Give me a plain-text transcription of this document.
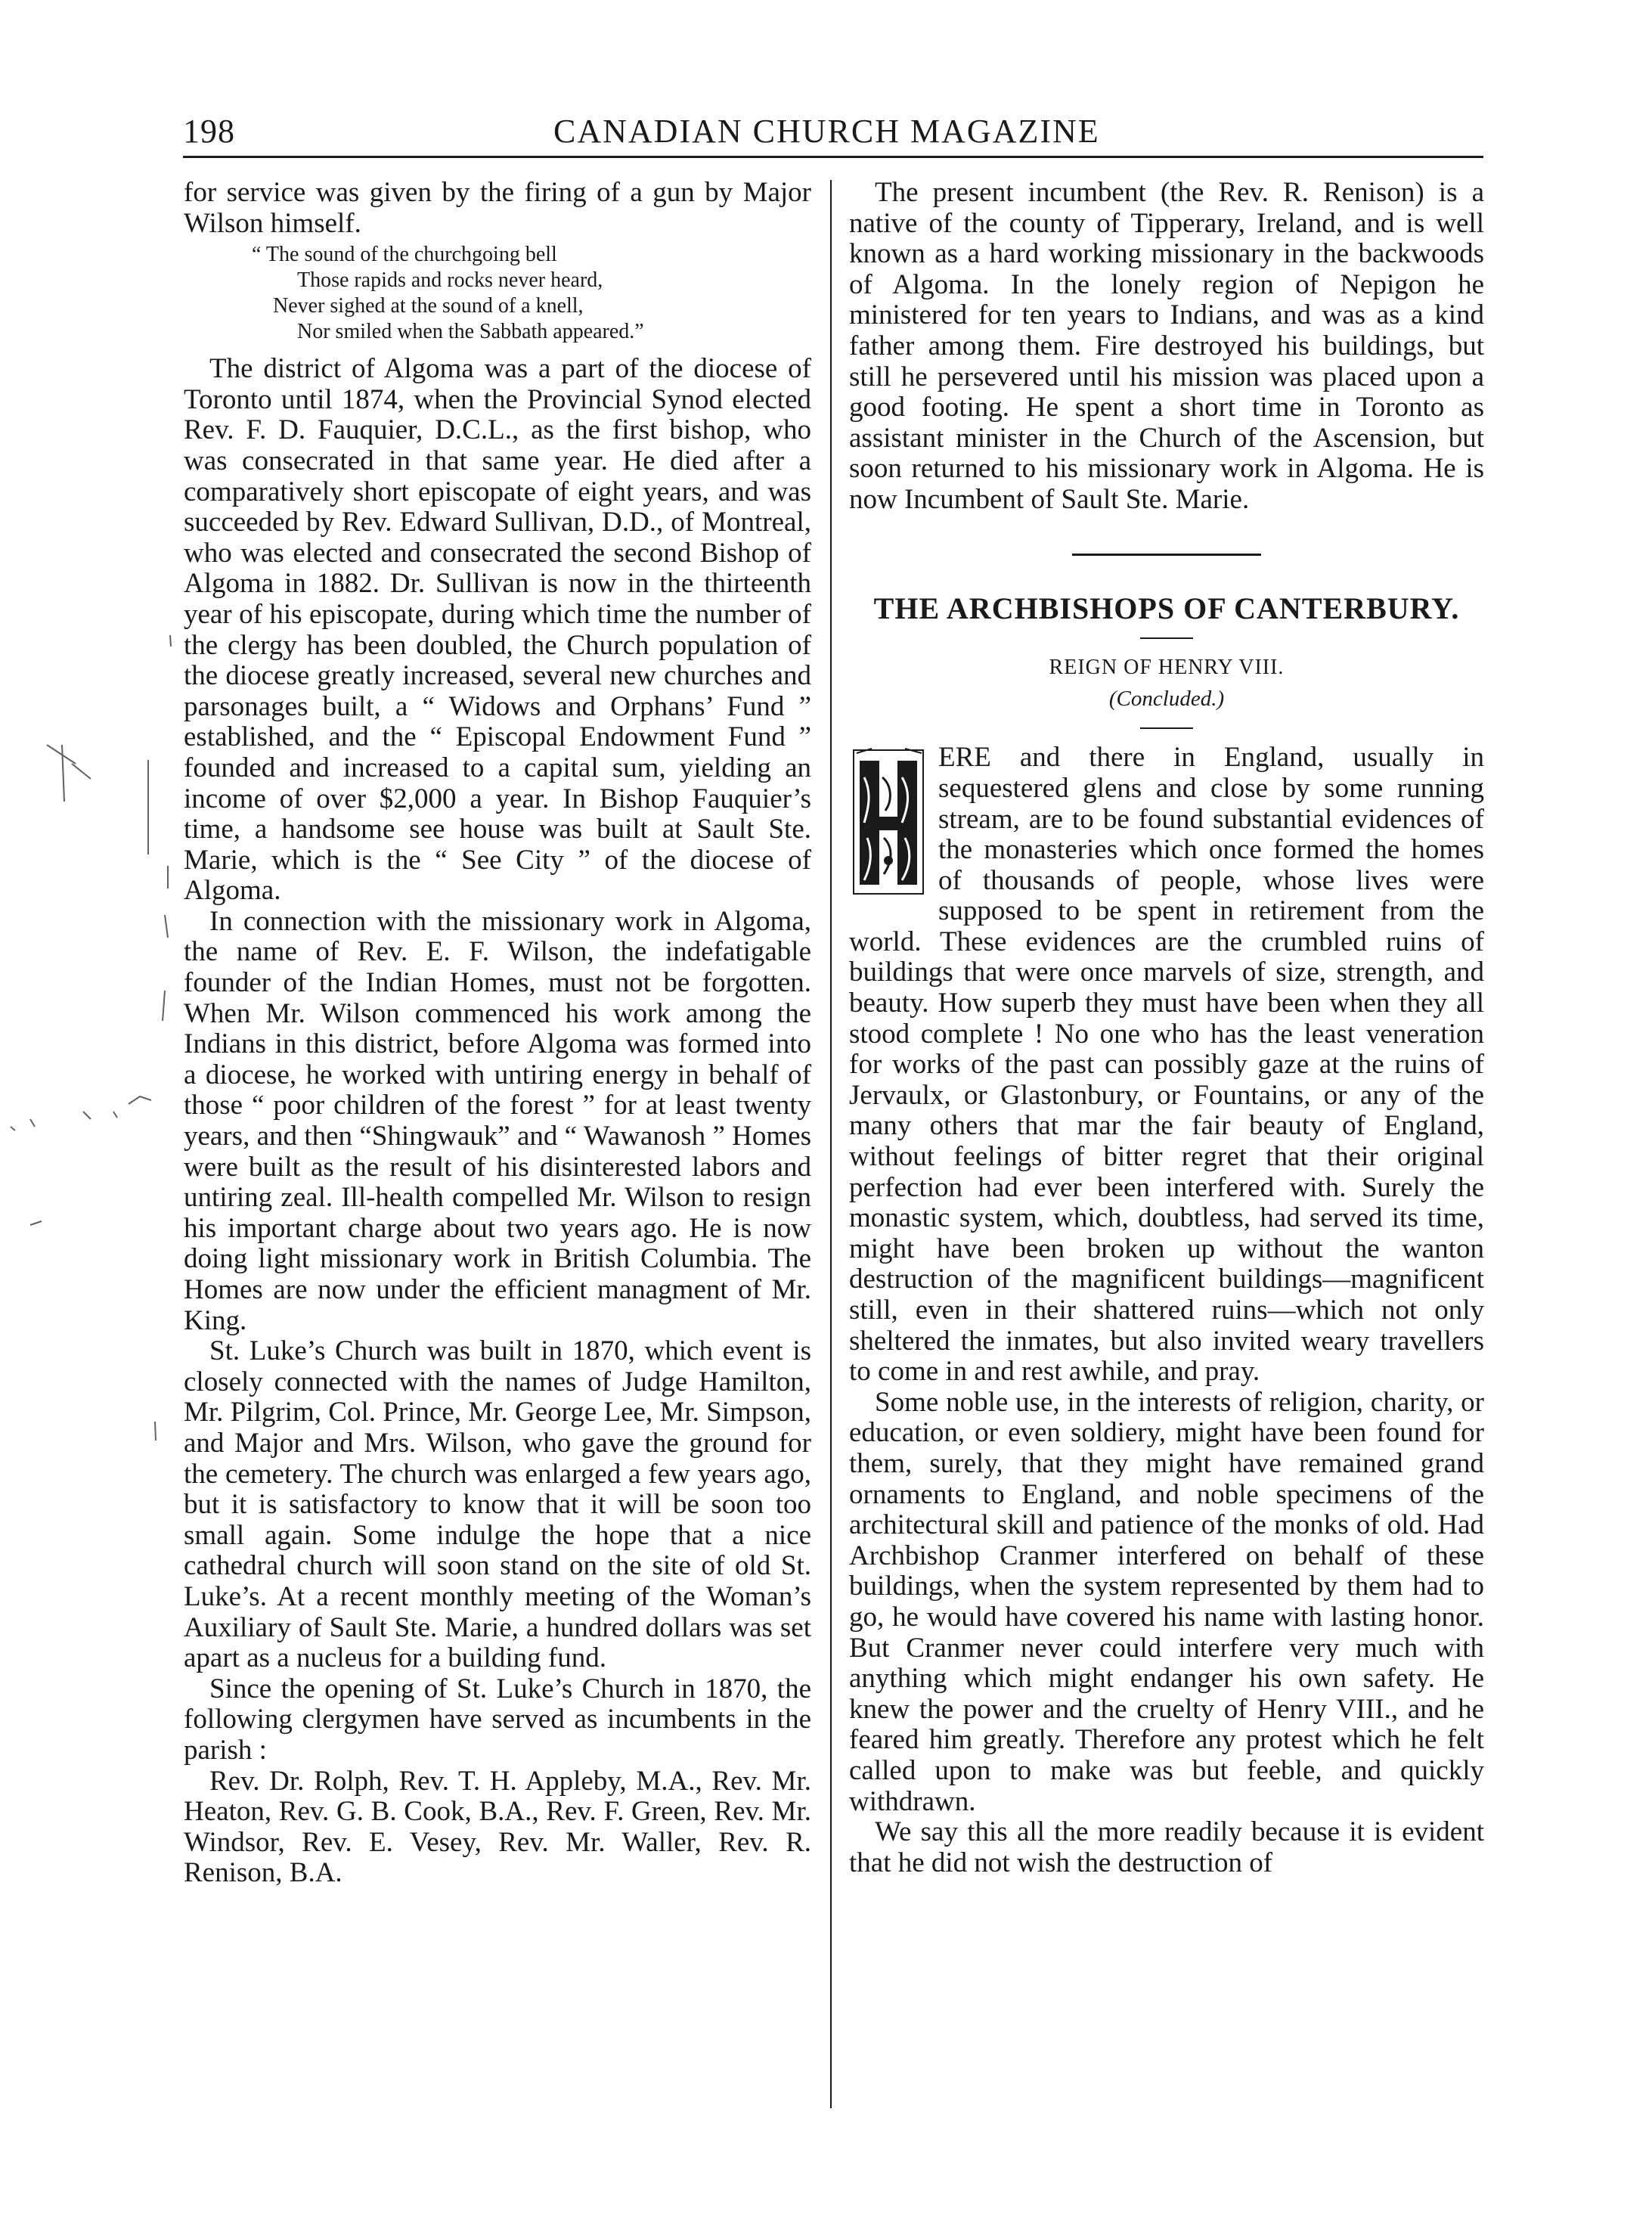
198	CANADIAN CHURCH MAGAZINE

for service was given by the firing of a gun by Major Wilson himself.

“ The sound of the churchgoing bell
Those rapids and rocks never heard,
Never sighed at the sound of a knell,
Nor smiled when the Sabbath appeared.”

The district of Algoma was a part of the diocese of Toronto until 1874, when the Provincial Synod elected Rev. F. D. Fauquier, D.C.L., as the first bishop, who was consecrated in that same year. He died after a comparatively short episcopate of eight years, and was succeeded by Rev. Edward Sullivan, D.D., of Montreal, who was elected and consecrated the second Bishop of Algoma in 1882. Dr. Sullivan is now in the thirteenth year of his episcopate, during which time the number of the clergy has been doubled, the Church population of the diocese greatly increased, several new churches and parsonages built, a “ Widows and Orphans’ Fund ” established, and the “ Episcopal Endowment Fund ” founded and increased to a capital sum, yielding an income of over $2,000 a year. In Bishop Fauquier’s time, a handsome see house was built at Sault Ste. Marie, which is the “ See City ” of the diocese of Algoma.

In connection with the missionary work in Algoma, the name of Rev. E. F. Wilson, the indefatigable founder of the Indian Homes, must not be forgotten. When Mr. Wilson commenced his work among the Indians in this district, before Algoma was formed into a diocese, he worked with untiring energy in behalf of those “ poor children of the forest ” for at least twenty years, and then “Shingwauk” and “ Wawanosh ” Homes were built as the result of his disinterested labors and untiring zeal. Ill-health compelled Mr. Wilson to resign his important charge about two years ago. He is now doing light missionary work in British Columbia. The Homes are now under the efficient managment of Mr. King.

St. Luke’s Church was built in 1870, which event is closely connected with the names of Judge Hamilton, Mr. Pilgrim, Col. Prince, Mr. George Lee, Mr. Simpson, and Major and Mrs. Wilson, who gave the ground for the cemetery. The church was enlarged a few years ago, but it is satisfactory to know that it will be soon too small again. Some indulge the hope that a nice cathedral church will soon stand on the site of old St. Luke’s. At a recent monthly meeting of the Woman’s Auxiliary of Sault Ste. Marie, a hundred dollars was set apart as a nucleus for a building fund.

Since the opening of St. Luke’s Church in 1870, the following clergymen have served as incumbents in the parish :

Rev. Dr. Rolph, Rev. T. H. Appleby, M.A., Rev. Mr. Heaton, Rev. G. B. Cook, B.A., Rev. F. Green, Rev. Mr. Windsor, Rev. E. Vesey, Rev. Mr. Waller, Rev. R. Renison, B.A.

The present incumbent (the Rev. R. Renison) is a native of the county of Tipperary, Ireland, and is well known as a hard working missionary in the backwoods of Algoma. In the lonely region of Nepigon he ministered for ten years to Indians, and was as a kind father among them. Fire destroyed his buildings, but still he persevered until his mission was placed upon a good footing. He spent a short time in Toronto as assistant minister in the Church of the Ascension, but soon returned to his missionary work in Algoma. He is now Incumbent of Sault Ste. Marie.

THE ARCHBISHOPS OF CANTERBURY.

REIGN OF HENRY VIII.

(Concluded.)

ERE and there in England, usually in sequestered glens and close by some running stream, are to be found substantial evidences of the monasteries which once formed the homes of thousands of people, whose lives were supposed to be spent in retirement from the world. These evidences are the crumbled ruins of buildings that were once marvels of size, strength, and beauty. How superb they must have been when they all stood complete ! No one who has the least veneration for works of the past can possibly gaze at the ruins of Jervaulx, or Glastonbury, or Fountains, or any of the many others that mar the fair beauty of England, without feelings of bitter regret that their original perfection had ever been interfered with. Surely the monastic system, which, doubtless, had served its time, might have been broken up without the wanton destruction of the magnificent buildings—magnificent still, even in their shattered ruins—which not only sheltered the inmates, but also invited weary travellers to come in and rest awhile, and pray.

Some noble use, in the interests of religion, charity, or education, or even soldiery, might have been found for them, surely, that they might have remained grand ornaments to England, and noble specimens of the architectural skill and patience of the monks of old. Had Archbishop Cranmer interfered on behalf of these buildings, when the system represented by them had to go, he would have covered his name with lasting honor. But Cranmer never could interfere very much with anything which might endanger his own safety. He knew the power and the cruelty of Henry VIII., and he feared him greatly. Therefore any protest which he felt called upon to make was but feeble, and quickly withdrawn.

We say this all the more readily because it is evident that he did not wish the destruction of
